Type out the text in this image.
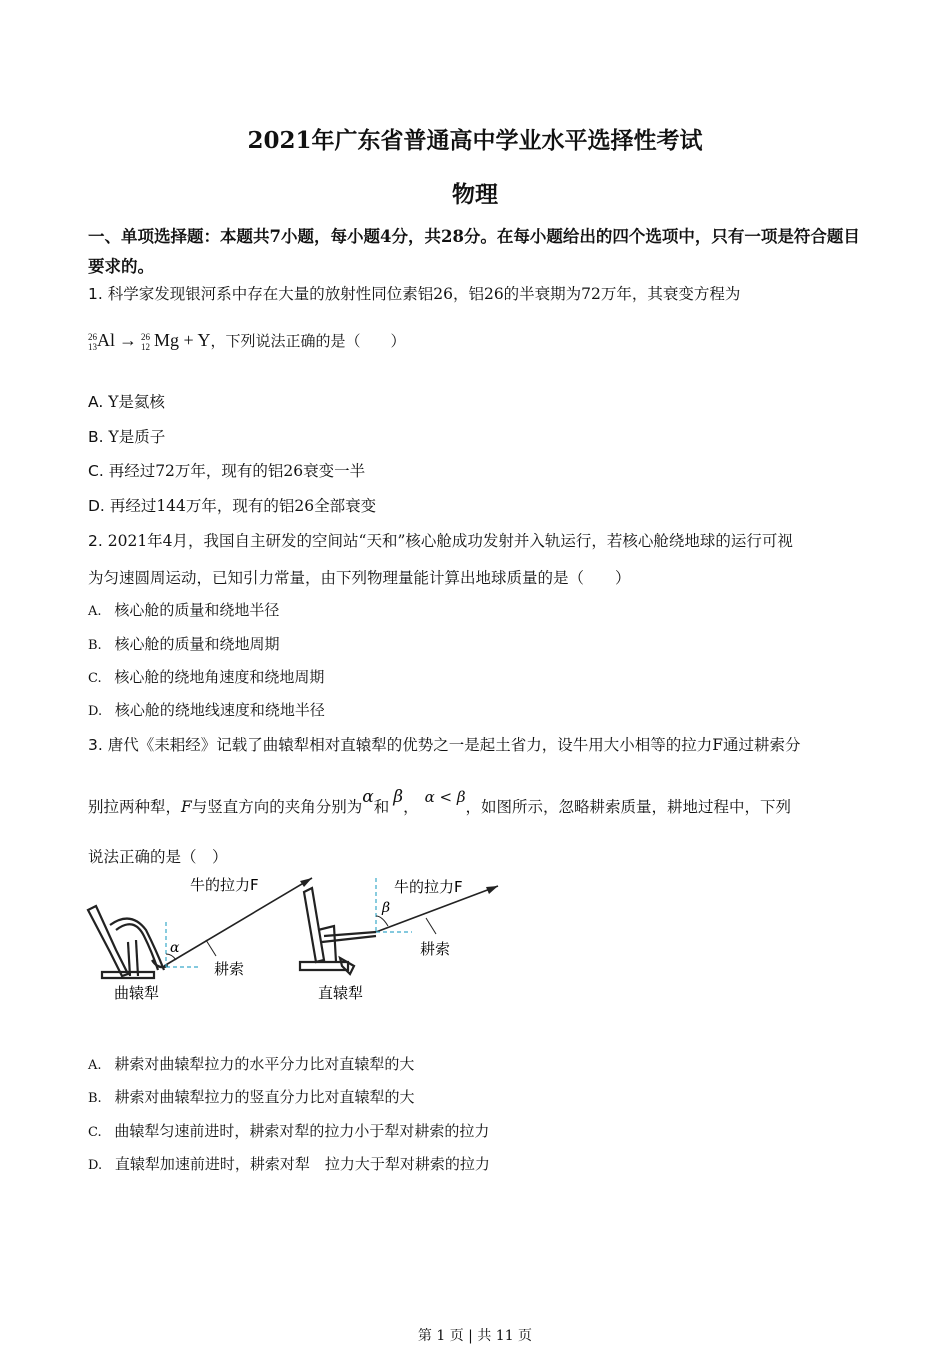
2021年广东省普通高中学业水平选择性考试
物理
一、单项选择题：本题共7小题，每小题4分，共28分。在每小题给出的四个选项中，只有一项是符合题目要求的。
1. 科学家发现银河系中存在大量的放射性同位素铝26，铝26的半衰期为72万年，其衰变方程为
26
13 Al → 26
12 Mg + Y，下列说法正确的是（　　）
A. Y是氦核
B. Y是质子
C. 再经过72万年，现有的铝26衰变一半
D. 再经过144万年，现有的铝26全部衰变
2. 2021年4月，我国自主研发的空间站“天和”核心舱成功发射并入轨运行，若核心舱绕地球的运行可视
为匀速圆周运动，已知引力常量，由下列物理量能计算出地球质量的是（　　）
A. 核心舱的质量和绕地半径
B. 核心舱的质量和绕地周期
C. 核心舱的绕地角速度和绕地周期
D. 核心舱的绕地线速度和绕地半径
3. 唐代《耒耜经》记载了曲辕犁相对直辕犁的优势之一是起土省力，设牛用大小相等的拉力F通过耕索分
别拉两种犁，F与竖直方向的夹角分别为α和 β，α < β，如图所示，忽略耕索质量，耕地过程中，下列
说法正确的是（　）
牛的拉力F
α
耕索
曲辕犁
牛的拉力F
β
耕索
直辕犁
A. 耕索对曲辕犁拉力的水平分力比对直辕犁的大
B. 耕索对曲辕犁拉力的竖直分力比对直辕犁的大
C. 曲辕犁匀速前进时，耕索对犁的拉力小于犁对耕索的拉力
D. 直辕犁加速前进时，耕索对犁　拉力大于犁对耕索的拉力
第 1 页 | 共 11 页
